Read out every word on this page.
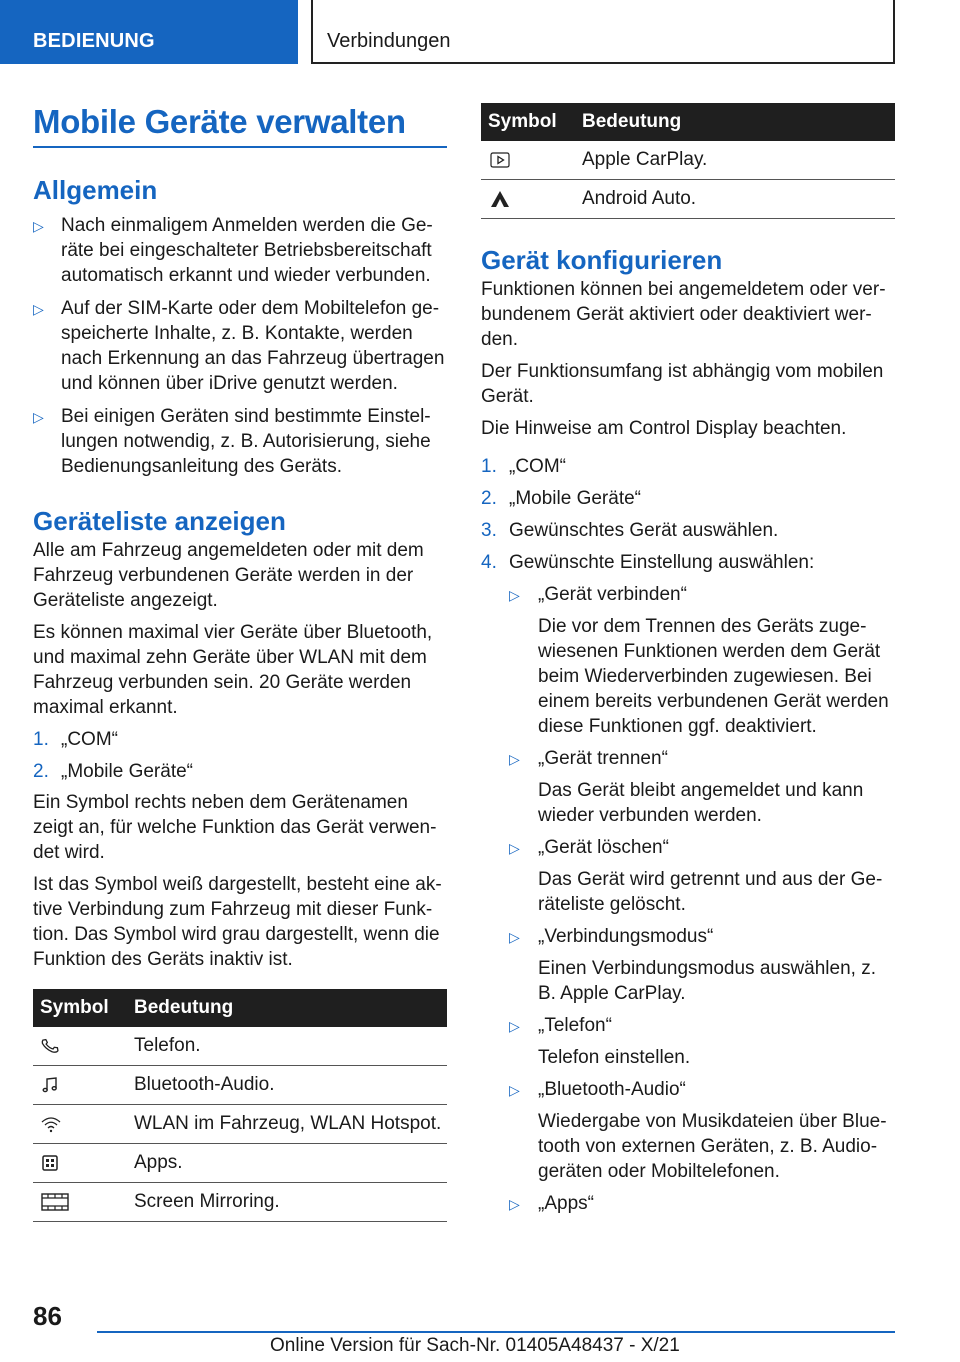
BEDIENUNG	Verbindungen
Mobile Geräte verwalten
Allgemein
▷ Nach einmaligem Anmelden werden die Ge‐ räte bei eingeschalteter Betriebsbereitschaft automatisch erkannt und wieder verbunden.
▷ Auf der SIM-Karte oder dem Mobiltelefon ge‐ speicherte Inhalte, z. B. Kontakte, werden nach Erkennung an das Fahrzeug übertragen und können über iDrive genutzt werden.
▷ Bei einigen Geräten sind bestimmte Einstel‐ lungen notwendig, z. B. Autorisierung, siehe Bedienungsanleitung des Geräts.
Geräteliste anzeigen

Alle am Fahrzeug angemeldeten oder mit dem Fahrzeug verbundenen Geräte werden in der Geräteliste angezeigt.

Es können maximal vier Geräte über Bluetooth, und maximal zehn Geräte über WLAN mit dem Fahrzeug verbunden sein. 20 Geräte werden maximal erkannt.

1. „COM“
2. „Mobile Geräte“

Ein Symbol rechts neben dem Gerätenamen zeigt an, für welche Funktion das Gerät verwen‐ det wird.

Ist das Symbol weiß dargestellt, besteht eine ak‐ tive Verbindung zum Fahrzeug mit dieser Funk‐ tion. Das Symbol wird grau dargestellt, wenn die Funktion des Geräts inaktiv ist.

Symbol	Bedeutung

	Telefon.

	Bluetooth-Audio.

	WLAN im Fahrzeug, WLAN Hotspot.

	Apps.

	Screen Mirroring.
Symbol	Bedeutung

	Apple CarPlay.

	Android Auto.
Gerät konfigurieren

Funktionen können bei angemeldetem oder ver‐ bundenem Gerät aktiviert oder deaktiviert wer‐ den.

Der Funktionsumfang ist abhängig vom mobilen Gerät.

Die Hinweise am Control Display beachten.

1. „COM“
2. „Mobile Geräte“
3. Gewünschtes Gerät auswählen.
4. Gewünschte Einstellung auswählen:
▷ „Gerät verbinden“
Die vor dem Trennen des Geräts zuge‐ wiesenen Funktionen werden dem Gerät beim Wiederverbinden zugewiesen. Bei einem bereits verbundenen Gerät werden diese Funktionen ggf. deaktiviert.
▷ „Gerät trennen“
Das Gerät bleibt angemeldet und kann wieder verbunden werden.
▷ „Gerät löschen“
Das Gerät wird getrennt und aus der Ge‐ räteliste gelöscht.
▷ „Verbindungsmodus“
Einen Verbindungsmodus auswählen, z. B. Apple CarPlay.
▷ „Telefon“
Telefon einstellen.
▷ „Bluetooth-Audio“
Wiedergabe von Musikdateien über Blue‐ tooth von externen Geräten, z. B. Audio‐ geräten oder Mobiltelefonen.
▷ „Apps“
86
Online Version für Sach-Nr. 01405A48437 - X/21
